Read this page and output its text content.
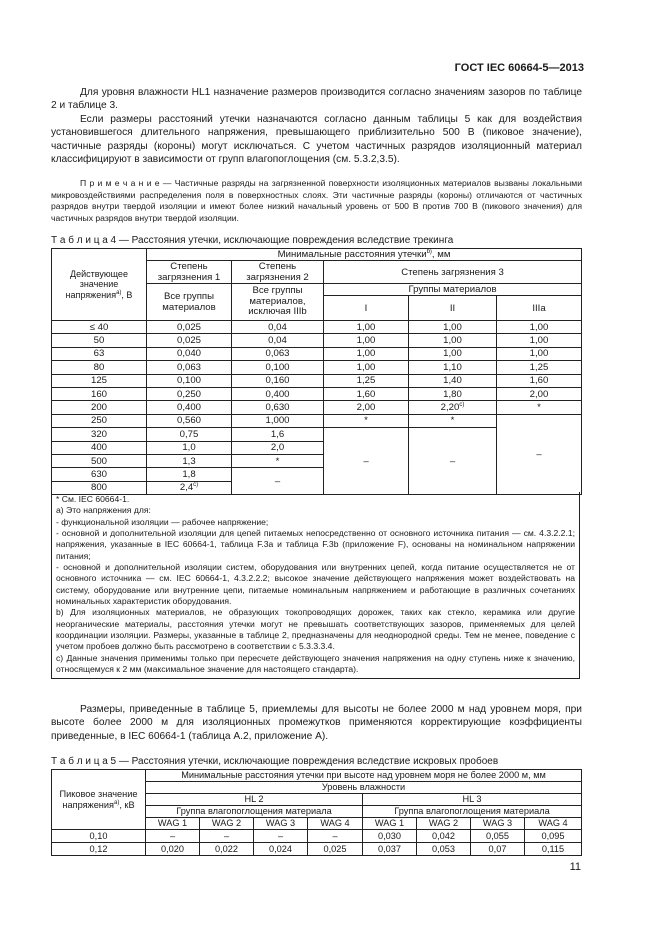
ГОСТ IEC 60664-5—2013

Для уровня влажности HL1 назначение размеров производится согласно значениям зазоров по таблице 2 и таблице 3.

Если размеры расстояний утечки назначаются согласно данным таблицы 5 как для воздействия установившегося длительного напряжения, превышающего приблизительно 500 В (пиковое значение), частичные разряды (короны) могут исключаться. С учетом частичных разрядов изоляционный материал классифицируют в зависимости от групп влагопоглощения (см. 5.3.2,3.5).

П р и м е ч а н и е — Частичные разряды на загрязненной поверхности изоляционных материалов вызваны локальными микровоздействиями распределения поля в поверхностных слоях. Эти частичные разряды (короны) отличаются от частичных разрядов внутри твердой изоляции и имеют более низкий начальный уровень от 500 В против 700 В (пикового значения) для частичных разрядов внутри твердой изоляции.

Т а б л и ц а 4 — Расстояния утечки, исключающие повреждения вследствие трекинга
Действующее значение напряжения$^{а)}$, В	Минимальные расстояния утечки$^{b)}$, мм				
	Степень загрязнения 1	Степень загрязнения 2	Степень загрязнения 3		
	Все группы материалов	Все группы материалов, исключая IIIb	Группы материалов		
			I	II	IIIa
≤ 40	0,025	0,04	1,00	1,00	1,00
50	0,025	0,04	1,00	1,00	1,00
63	0,040	0,063	1,00	1,00	1,00
80	0,063	0,100	1,00	1,10	1,25
125	0,100	0,160	1,25	1,40	1,60
160	0,250	0,400	1,60	1,80	2,00
200	0,400	0,630	2,00	2,20$^{c)}$	*
250	0,560	1,000	*	*	–
320	0,75	1,6	–	–	
400	1,0	2,0			
500	1,3	*			
630	1,8	–			
800	2,4$^{c)}$

* См. IEC 60664-1.

а) Это напряжения для:

- функциональной изоляции — рабочее напряжение;

- основной и дополнительной изоляции для цепей питаемых непосредственно от основного источника питания — см. 4.3.2.2.1; напряжения, указанные в IEC 60664-1, таблица F.3а и таблица F.3b (приложение F), основаны на номинальном напряжении питания;

- основной и дополнительной изоляции систем, оборудования или внутренних цепей, когда питание осуществляется не от основного источника — см. IEC 60664-1, 4.3.2.2.2; высокое значение действующего напряжения может воздействовать на систему, оборудование или внутренние цепи, питаемые номинальным напряжением и работающие в различных сочетаниях номинальных характеристик оборудования.

b) Для изоляционных материалов, не образующих токопроводящих дорожек, таких как стекло, керамика или другие неорганические материалы, расстояния утечки могут не превышать соответствующих зазоров, применяемых для целей координации изоляции. Размеры, указанные в таблице 2, предназначены для неоднородной среды. Тем не менее, поведение с учетом пробоев должно быть рассмотрено в соответствии с 5.3.3.3.4.

c) Данные значения применимы только при пересчете действующего значения напряжения на одну ступень ниже к значению, относящемуся к 2 мм (максимальное значение для настоящего стандарта).

Размеры, приведенные в таблице 5, приемлемы для высоты не более 2000 м над уровнем моря, при высоте более 2000 м для изоляционных промежутков применяются корректирующие коэффициенты приведенные, в IEC 60664-1 (таблица А.2, приложение А).

Т а б л и ц а 5 — Расстояния утечки, исключающие повреждения вследствие искровых пробоев
Пиковое значение напряжения$^{а)}$, кВ	Минимальные расстояния утечки при высоте над уровнем моря не более 2000 м, мм							
	Уровень влажности							
	HL 2				HL 3			
	Группа влагопоглощения материала				Группа влагопоглощения материала			
	WAG 1	WAG 2	WAG 3	WAG 4	WAG 1	WAG 2	WAG 3	WAG 4
0,10	–	–	–	–	0,030	0,042	0,055	0,095
0,12	0,020	0,022	0,024	0,025	0,037	0,053	0,07	0,115
11
